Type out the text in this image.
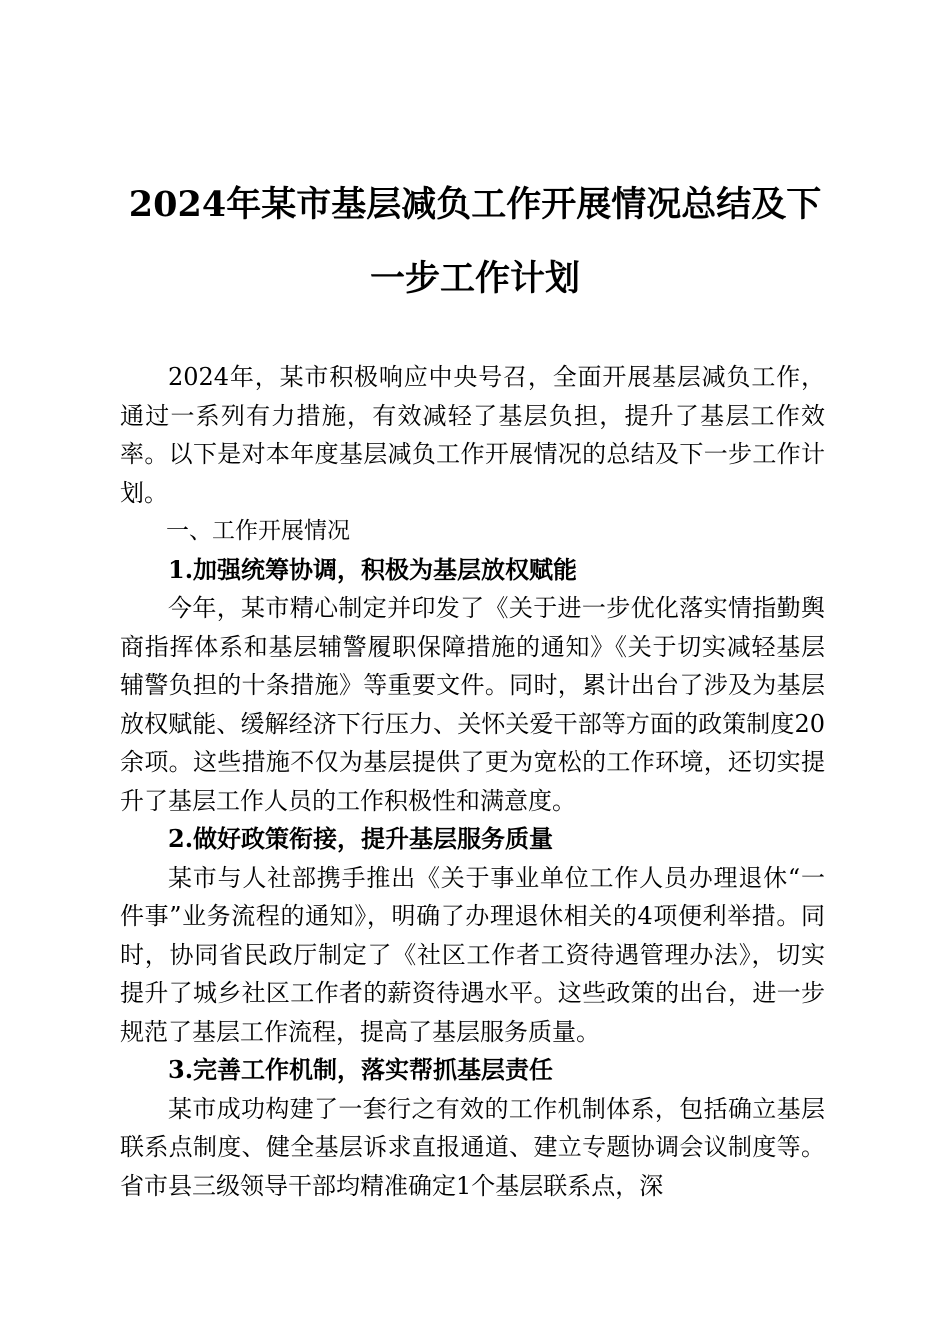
2024年某市基层减负工作开展情况总结及下
一步工作计划

2024年，某市积极响应中央号召，全面开展基层减负工作，通过一系列有力措施，有效减轻了基层负担，提升了基层工作效率。以下是对本年度基层减负工作开展情况的总结及下一步工作计划。

一、工作开展情况

1.加强统筹协调，积极为基层放权赋能

今年，某市精心制定并印发了《关于进一步优化落实情指勤舆商指挥体系和基层辅警履职保障措施的通知》《关于切实减轻基层辅警负担的十条措施》等重要文件。同时，累计出台了涉及为基层放权赋能、缓解经济下行压力、关怀关爱干部等方面的政策制度20余项。这些措施不仅为基层提供了更为宽松的工作环境，还切实提升了基层工作人员的工作积极性和满意度。

2.做好政策衔接，提升基层服务质量

某市与人社部携手推出《关于事业单位工作人员办理退休“一件事”业务流程的通知》，明确了办理退休相关的4项便利举措。同时，协同省民政厅制定了《社区工作者工资待遇管理办法》，切实提升了城乡社区工作者的薪资待遇水平。这些政策的出台，进一步规范了基层工作流程，提高了基层服务质量。

3.完善工作机制，落实帮抓基层责任

某市成功构建了一套行之有效的工作机制体系，包括确立基层联系点制度、健全基层诉求直报通道、建立专题协调会议制度等。省市县三级领导干部均精准确定1个基层联系点，深
